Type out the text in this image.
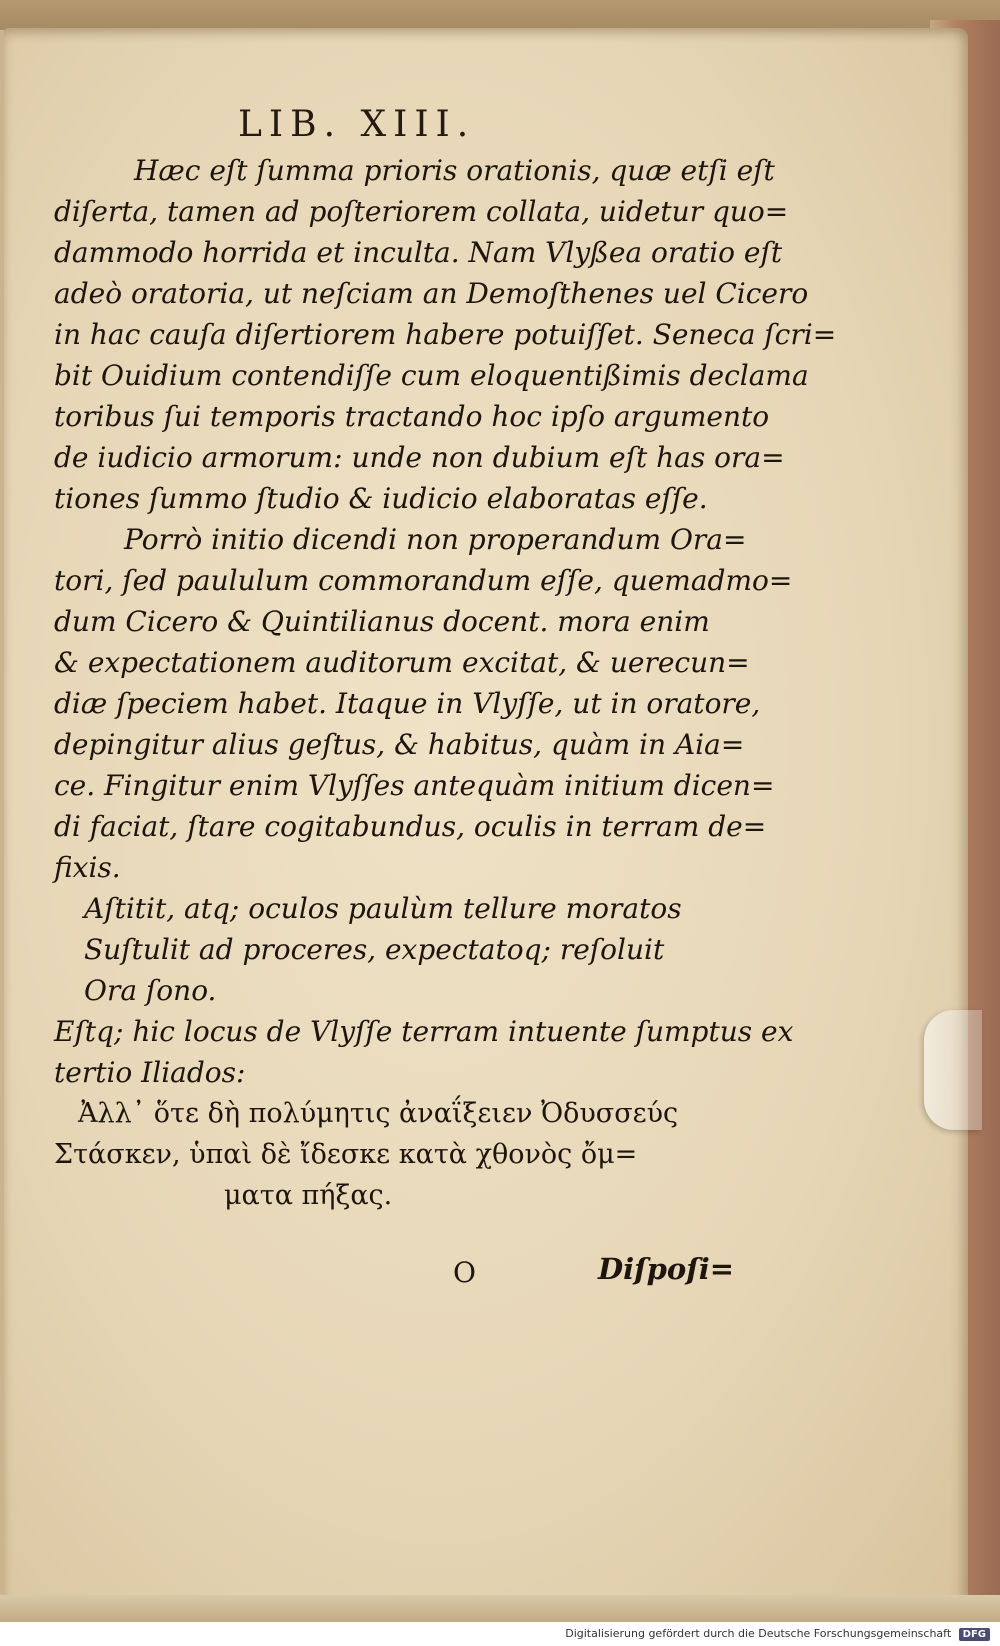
LIB. XIII.
Hæc eſt ſumma prioris orationis, quæ etſi eſt
diſerta, tamen ad poſteriorem collata, uidetur quo=
dammodo horrida et inculta. Nam Vlyßea oratio eſt
adeò oratoria, ut neſciam an Demoſthenes uel Cicero
in hac cauſa diſertiorem habere potuiſſet. Seneca ſcri=
bit Ouidium contendiſſe cum eloquentißimis declama
toribus ſui temporis tractando hoc ipſo argumento
de iudicio armorum: unde non dubium eſt has ora=
tiones ſummo ſtudio & iudicio elaboratas eſſe.
Porrò initio dicendi non properandum Ora=
tori, ſed paululum commorandum eſſe, quemadmo=
dum Cicero & Quintilianus docent. mora enim
& expectationem auditorum excitat, & uerecun=
diæ ſpeciem habet. Itaque in Vlyſſe, ut in oratore,
depingitur alius geſtus, & habitus, quàm in Aia=
ce. Fingitur enim Vlyſſes antequàm initium dicen=
di faciat, ſtare cogitabundus, oculis in terram de=
fixis.
Aſtitit, atq; oculos paulùm tellure moratos
Suſtulit ad proceres, expectatoq; reſoluit
Ora ſono.
Eſtq; hic locus de Vlyſſe terram intuente ſumptus ex
tertio Iliados:
Ἀλλ᾽ ὅτε δὴ πολύμητις ἀναΐξειεν Ὀδυσσεύς
Στάσκεν, ὑπαὶ δὲ ἴδεσκε κατὰ χθονὸς ὄμ=
ματα πήξας.
O	Diſpoſi=
Digitalisierung gefördert durch die Deutsche Forschungsgemeinschaft DFG
